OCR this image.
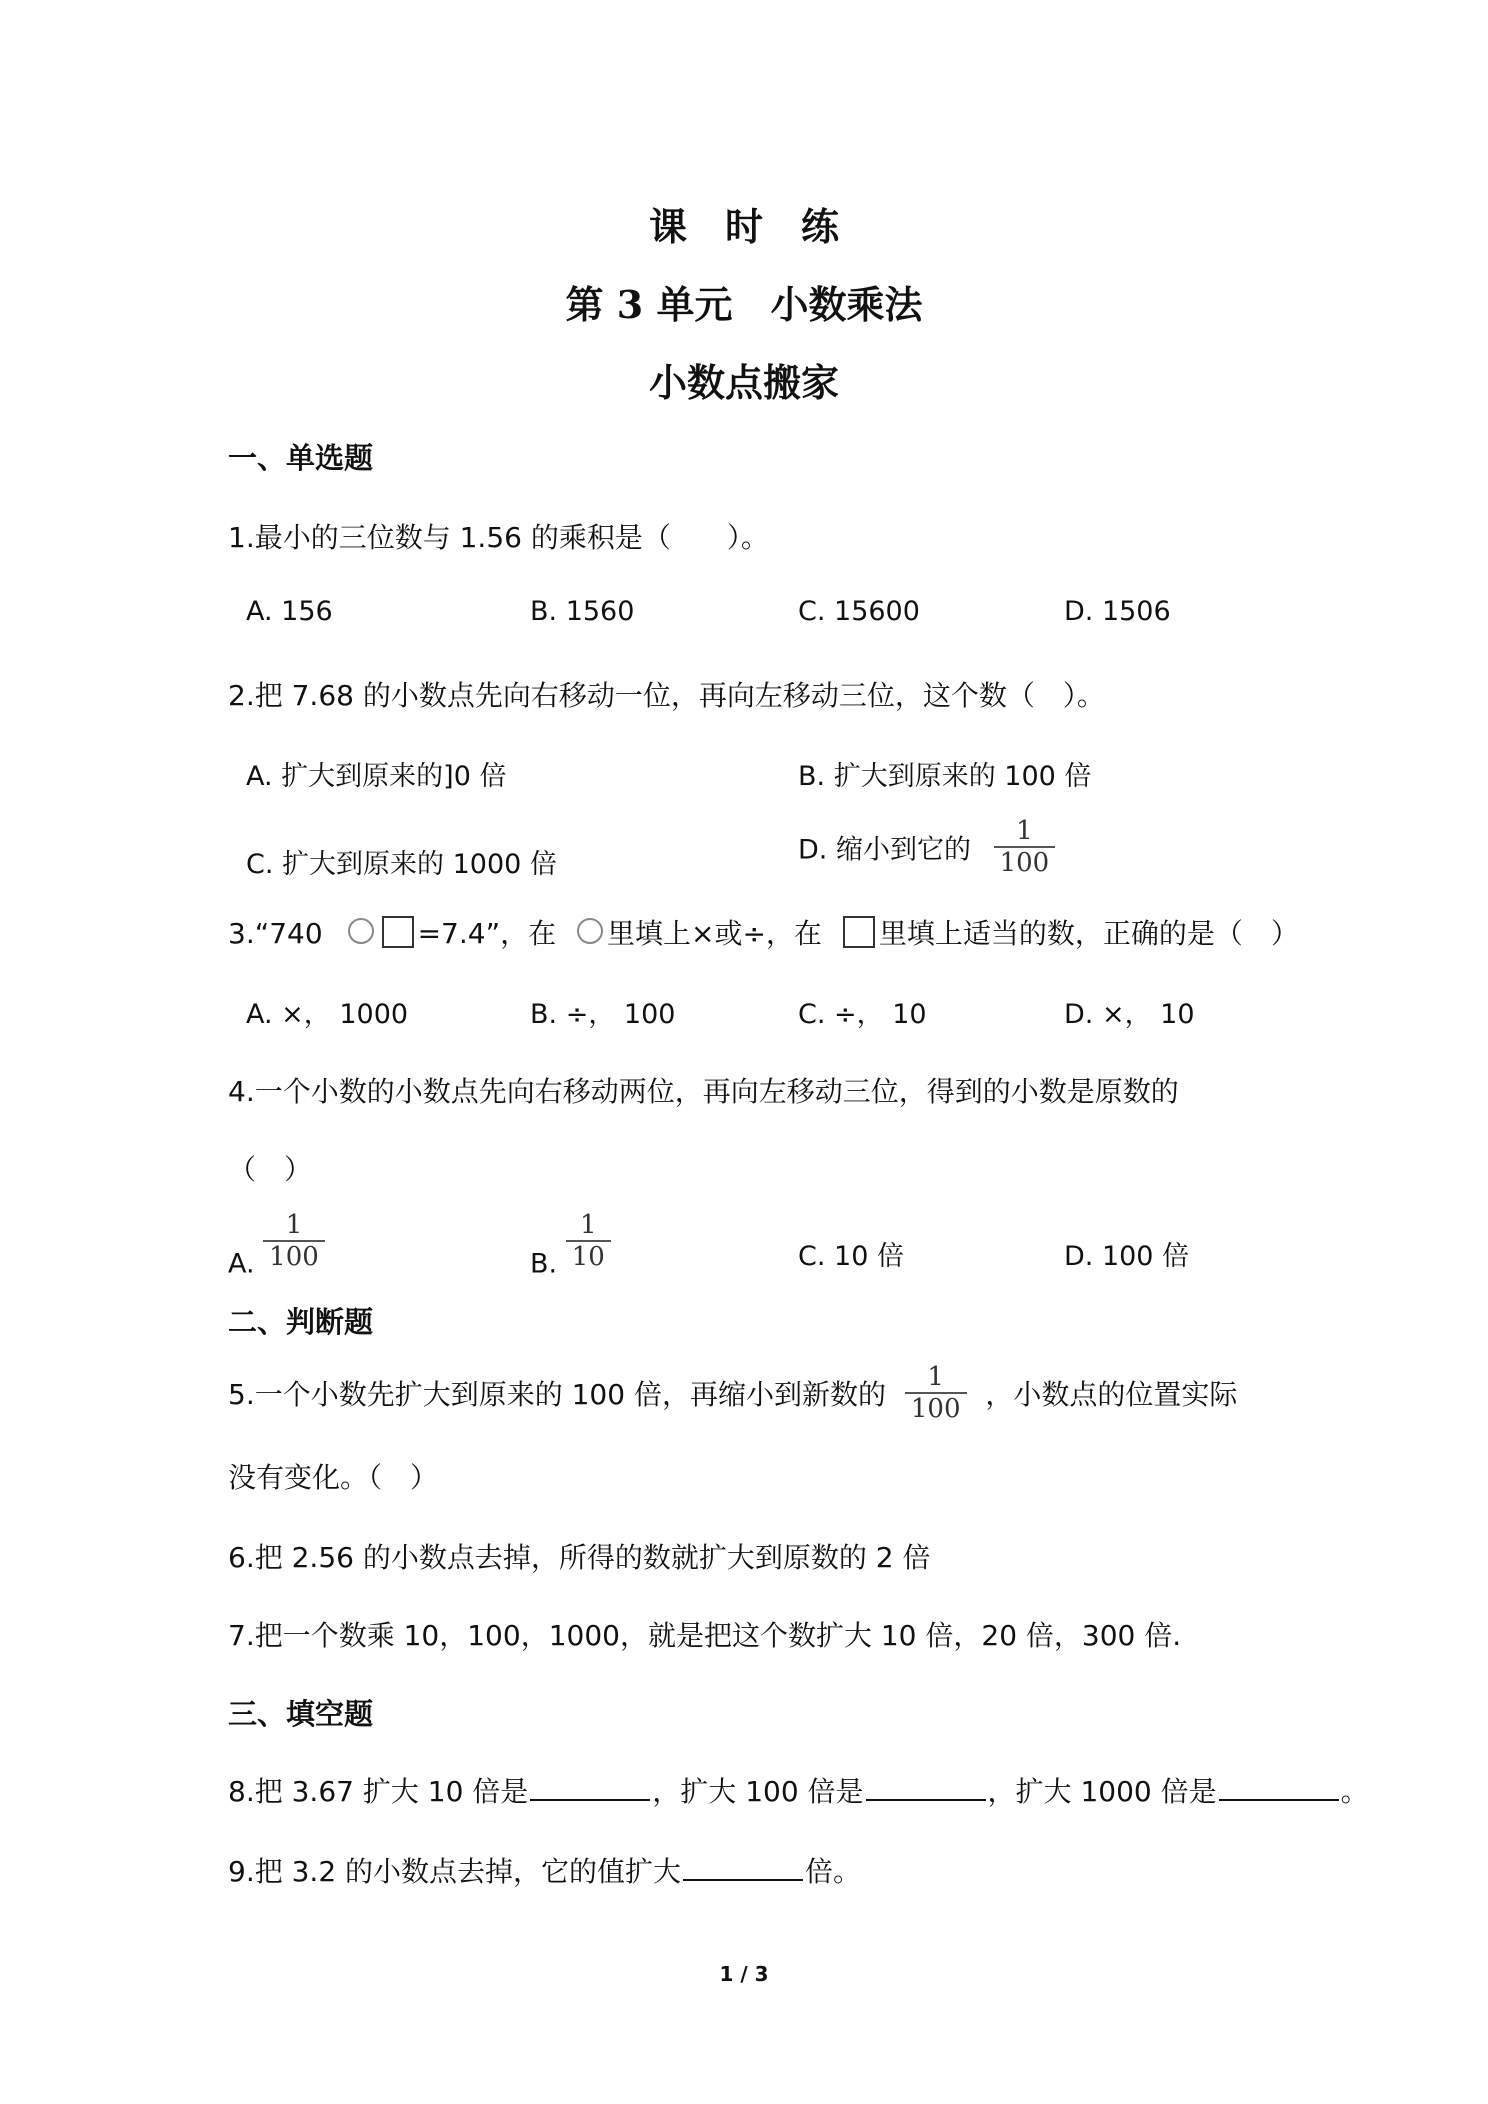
课　时　练
第 3 单元　小数乘法
小数点搬家
一、单选题
1.最小的三位数与 1.56 的乘积是（　　）。
A. 156	B. 1560	C. 15600	D. 1506
2.把 7.68 的小数点先向右移动一位，再向左移动三位，这个数（　）。
A. 扩大到原来的]0 倍	B. 扩大到原来的 100 倍
C. 扩大到原来的 1000 倍	D. 缩小到它的 $\frac{1}{100}$
3.“740	=7.4”，在 里填上×或÷，在 里填上适当的数，正确的是（　）
A. ×， 1000	B. ÷， 100	C. ÷， 10	D. ×， 10
4.一个小数的小数点先向右移动两位，再向左移动三位，得到的小数是原数的
（　）
A. $\frac{1}{100}$	B. $\frac{1}{10}$	C. 10 倍	D. 100 倍
二、判断题
5.一个小数先扩大到原来的 100 倍，再缩小到新数的 $\frac{1}{100}$ ，小数点的位置实际
没有变化。（　）
6.把 2.56 的小数点去掉，所得的数就扩大到原数的 2 倍
7.把一个数乘 10，100，1000，就是把这个数扩大 10 倍，20 倍，300 倍.
三、填空题
8.把 3.67 扩大 10 倍是	，扩大 100 倍是	，扩大 1000 倍是	。
9.把 3.2 的小数点去掉，它的值扩大	倍。
1 / 3
